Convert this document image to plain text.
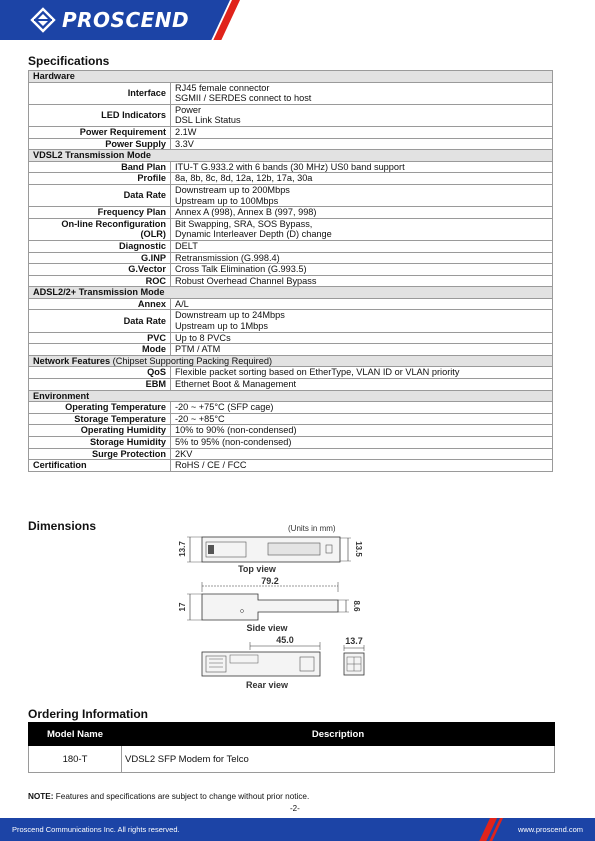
PROSCEND
Specifications
Hardware	
Interface	RJ45 female connector
SGMII / SERDES connect to host

LED Indicators	Power
DSL Link Status

Power Requirement	2.1W
Power Supply	3.3V
VDSL2 Transmission Mode	
Band Plan	ITU-T G.933.2 with 6 bands (30 MHz) US0 band support
Profile	8a, 8b, 8c, 8d, 12a, 12b, 17a, 30a
Data Rate	Downstream up to 200Mbps
Upstream up to 100Mbps

Frequency Plan	Annex A (998), Annex B (997, 998)

On-line Reconfiguration
(OLR)	Bit Swapping, SRA, SOS Bypass,
Dynamic Interleaver Depth (D) change

Diagnostic	DELT
G.INP	Retransmission (G.998.4)
G.Vector	Cross Talk Elimination (G.993.5)
ROC	Robust Overhead Channel Bypass
ADSL2/2+ Transmission Mode	
Annex	A/L
Data Rate	Downstream up to 24Mbps
Upstream up to 1Mbps

PVC	Up to 8 PVCs
Mode	PTM / ATM
Network Features (Chipset Supporting Packing Required)	
QoS	Flexible packet sorting based on EtherType, VLAN ID or VLAN priority
EBM	Ethernet Boot & Management
Environment	
Operating Temperature	-20 ~ +75°C (SFP cage)
Storage Temperature	-20 ~ +85°C
Operating Humidity	10% to 90% (non-condensed)
Storage Humidity	5% to 95% (non-condensed)
Surge Protection	2KV
Certification	RoHS / CE / FCC
Dimensions	(Units in mm)
13.7	13.5
Top view
79.2
17	8.6
Side view
45.0	13.7
Rear view
Ordering Information
Model Name	Description
180-T	VDSL2 SFP Modem for Telco
NOTE: Features and specifications are subject to change without prior notice.
-2-
Proscend Communications Inc. All rights reserved.	www.proscend.com
